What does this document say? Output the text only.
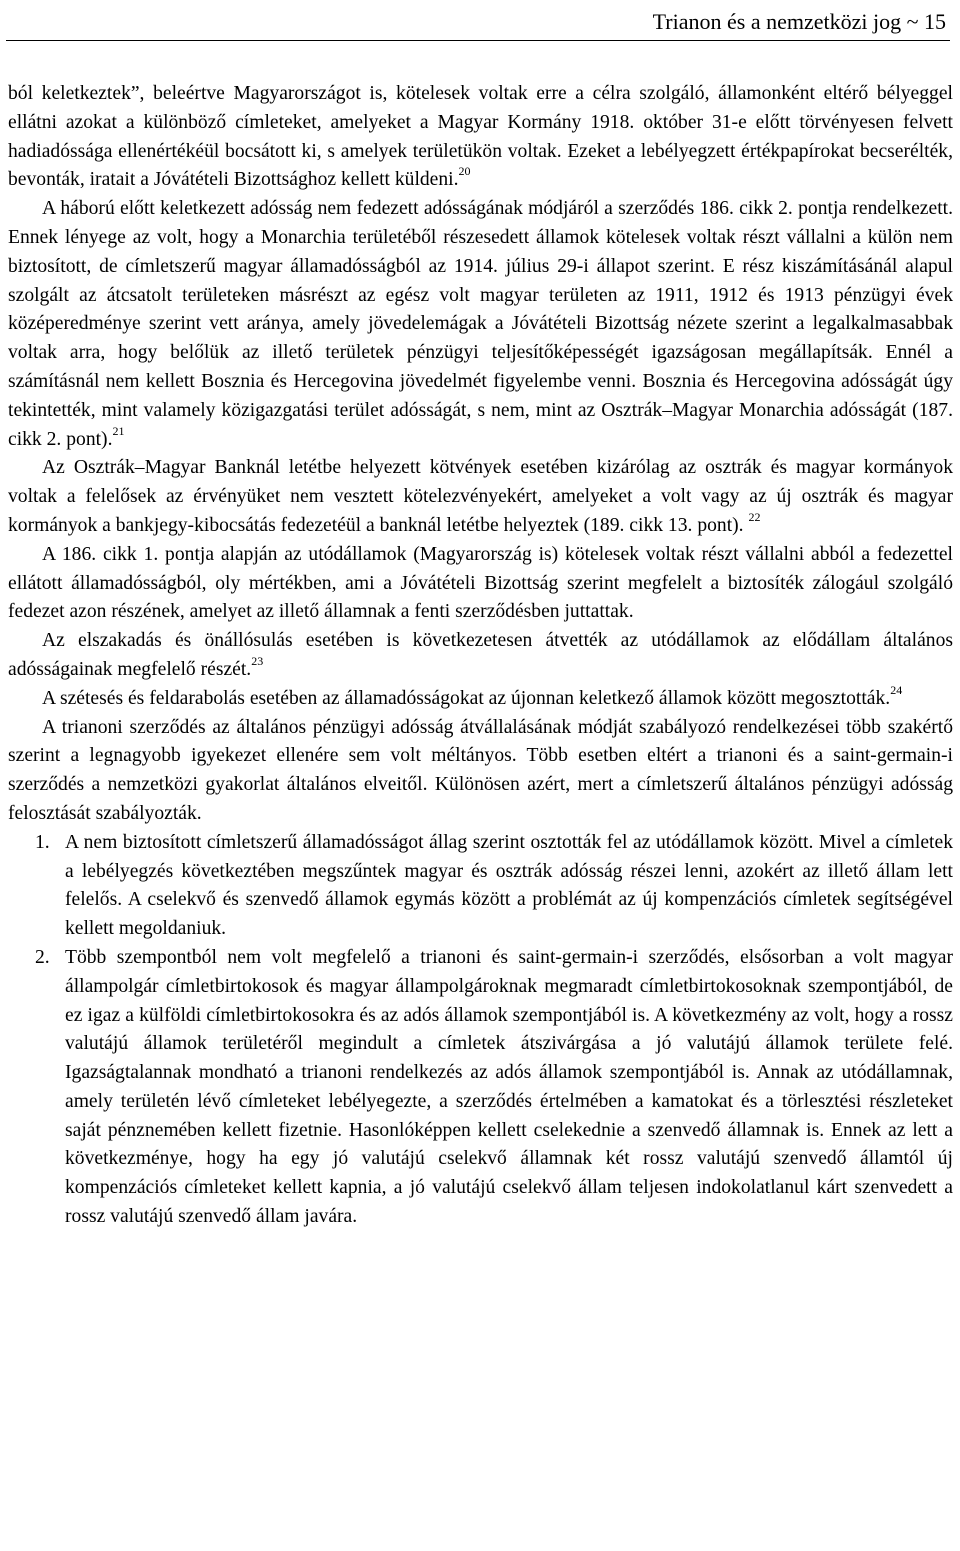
Trianon és a nemzetközi jog ~ 15

ból keletkeztek”, beleértve Magyarországot is, kötelesek voltak erre a célra szolgáló, államonként eltérő bélyeggel ellátni azokat a különböző címleteket, amelyeket a Magyar Kormány 1918. október 31-e előtt törvényesen felvett hadiadóssága ellenértékéül bocsátott ki, s amelyek területükön voltak. Ezeket a lebélyegzett értékpapírokat becserélték, bevonták, iratait a Jóvátételi Bizottsághoz kellett küldeni.$^{20}$

A háború előtt keletkezett adósság nem fedezett adósságának módjáról a szerződés 186. cikk 2. pontja rendelkezett. Ennek lényege az volt, hogy a Monarchia területéből részesedett államok kötelesek voltak részt vállalni a külön nem biztosított, de címletszerű magyar államadósságból az 1914. július 29-i állapot szerint. E rész kiszámításánál alapul szolgált az átcsatolt területeken másrészt az egész volt magyar területen az 1911, 1912 és 1913 pénzügyi évek középeredménye szerint vett aránya, amely jövedelemágak a Jóvátételi Bizottság nézete szerint a legalkalmasabbak voltak arra, hogy belőlük az illető területek pénzügyi teljesítőképességét igazságosan megállapítsák. Ennél a számításnál nem kellett Bosznia és Hercegovina jövedelmét figyelembe venni. Bosznia és Hercegovina adósságát úgy tekintették, mint valamely közigazgatási terület adósságát, s nem, mint az Osztrák–Magyar Monarchia adósságát (187. cikk 2. pont).$^{21}$

Az Osztrák–Magyar Banknál letétbe helyezett kötvények esetében kizárólag az osztrák és magyar kormányok voltak a felelősek az érvényüket nem vesztett kötelezvényekért, amelyeket a volt vagy az új osztrák és magyar kormányok a bankjegy-kibocsátás fedezetéül a banknál letétbe helyeztek (189. cikk 13. pont). $^{22}$

A 186. cikk 1. pontja alapján az utódállamok (Magyarország is) kötelesek voltak részt vállalni abból a fedezettel ellátott államadósságból, oly mértékben, ami a Jóvátételi Bizottság szerint megfelelt a biztosíték zálogául szolgáló fedezet azon részének, amelyet az illető államnak a fenti szerződésben juttattak.

Az elszakadás és önállósulás esetében is következetesen átvették az utódállamok az elődállam általános adósságainak megfelelő részét.$^{23}$

A szétesés és feldarabolás esetében az államadósságokat az újonnan keletkező államok között megosztották.$^{24}$

A trianoni szerződés az általános pénzügyi adósság átvállalásának módját szabályozó rendelkezései több szakértő szerint a legnagyobb igyekezet ellenére sem volt méltányos. Több esetben eltért a trianoni és a saint-germain-i szerződés a nemzetközi gyakorlat általános elveitől. Különösen azért, mert a címletszerű általános pénzügyi adósság felosztását szabályozták.

1. A nem biztosított címletszerű államadósságot állag szerint osztották fel az utódállamok között. Mivel a címletek a lebélyegzés következtében megszűntek magyar és osztrák adósság részei lenni, azokért az illető állam lett felelős. A cselekvő és szenvedő államok egymás között a problémát az új kompenzációs címletek segítségével kellett megoldaniuk.
2. Több szempontból nem volt megfelelő a trianoni és saint-germain-i szerződés, elsősorban a volt magyar állampolgár címletbirtokosok és magyar állampolgároknak megmaradt címletbirtokosoknak szempontjából, de ez igaz a külföldi címletbirtokosokra és az adós államok szempontjából is. A következmény az volt, hogy a rossz valutájú államok területéről megindult a címletek átszivárgása a jó valutájú államok területe felé. Igazságtalannak mondható a trianoni rendelkezés az adós államok szempontjából is. Annak az utódállamnak, amely területén lévő címleteket lebélyegezte, a szerződés értelmében a kamatokat és a törlesztési részleteket saját pénznemében kellett fizetnie. Hasonlóképpen kellett cselekednie a szenvedő államnak is. Ennek az lett a következménye, hogy ha egy jó valutájú cselekvő államnak két rossz valutájú szenvedő államtól új kompenzációs címleteket kellett kapnia, a jó valutájú cselekvő állam teljesen indokolatlanul kárt szenvedett a rossz valutájú szenvedő állam javára.
